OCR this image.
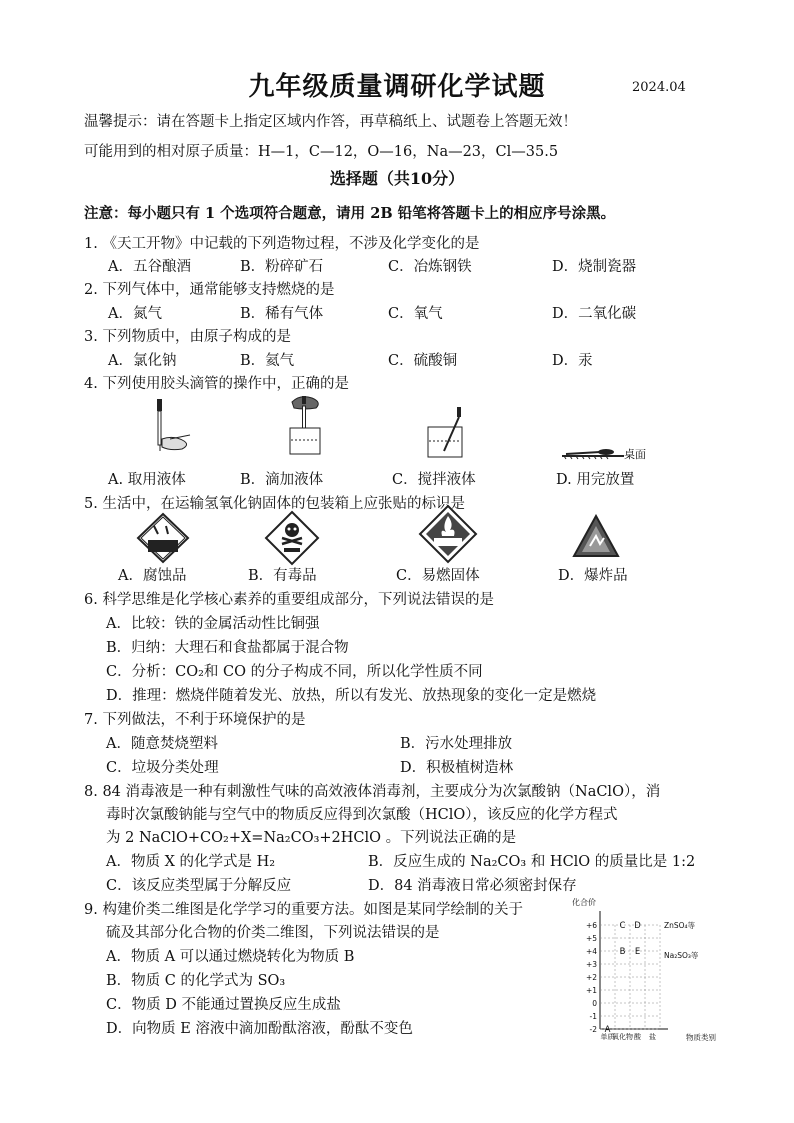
九年级质量调研化学试题	2024.04
温馨提示：请在答题卡上指定区域内作答，再草稿纸上、试题卷上答题无效！
可能用到的相对原子质量：H—1，C—12，O—16，Na—23，Cl—35.5
选择题（共10分）
注意：每小题只有 1 个选项符合题意，请用 2B 铅笔将答题卡上的相应序号涂黑。
1. 《天工开物》中记载的下列造物过程，不涉及化学变化的是
A．五谷酿酒	B．粉碎矿石	C．冶炼钢铁	D．烧制瓷器
2. 下列气体中，通常能够支持燃烧的是
A．氮气	B．稀有气体	C．氧气	D．二氧化碳
3. 下列物质中，由原子构成的是
A．氯化钠	B．氦气	C．硫酸铜	D．汞
4. 下列使用胶头滴管的操作中，正确的是
桌面
A. 取用液体	B．滴加液体	C．搅拌液体	D. 用完放置
5. 生活中，在运输氢氧化钠固体的包装箱上应张贴的标识是
A．腐蚀品	B．有毒品	C．易燃固体	D．爆炸品
6. 科学思维是化学核心素养的重要组成部分，下列说法错误的是
A．比较：铁的金属活动性比铜强
B．归纳：大理石和食盐都属于混合物
C．分析：CO₂和 CO 的分子构成不同，所以化学性质不同
D．推理：燃烧伴随着发光、放热，所以有发光、放热现象的变化一定是燃烧
7. 下列做法，不利于环境保护的是
A．随意焚烧塑料	B．污水处理排放
C．垃圾分类处理	D．积极植树造林
8. 84 消毒液是一种有刺激性气味的高效液体消毒剂，主要成分为次氯酸钠（NaClO），消
毒时次氯酸钠能与空气中的物质反应得到次氯酸（HClO），该反应的化学方程式
为 2 NaClO+CO₂+X=Na₂CO₃+2HClO 。下列说法正确的是
A．物质 X 的化学式是 H₂	B．反应生成的 Na₂CO₃ 和 HClO 的质量比是 1:2
C．该反应类型属于分解反应	D．84 消毒液日常必须密封保存
9. 构建价类二维图是化学学习的重要方法。如图是某同学绘制的关于
硫及其部分化合物的价类二维图，下列说法错误的是
A．物质 A 可以通过燃烧转化为物质 B
B．物质 C 的化学式为 SO₃
C．物质 D 不能通过置换反应生成盐
D．向物质 E 溶液中滴加酚酞溶液，酚酞不变色
化合价
物质类别
ZnSO₄等
Na₂SO₃等
+6
+5
+4
+3
+2
+1
0
-1
-2
单质
氧化物 酸 盐
A
B
C D
E
